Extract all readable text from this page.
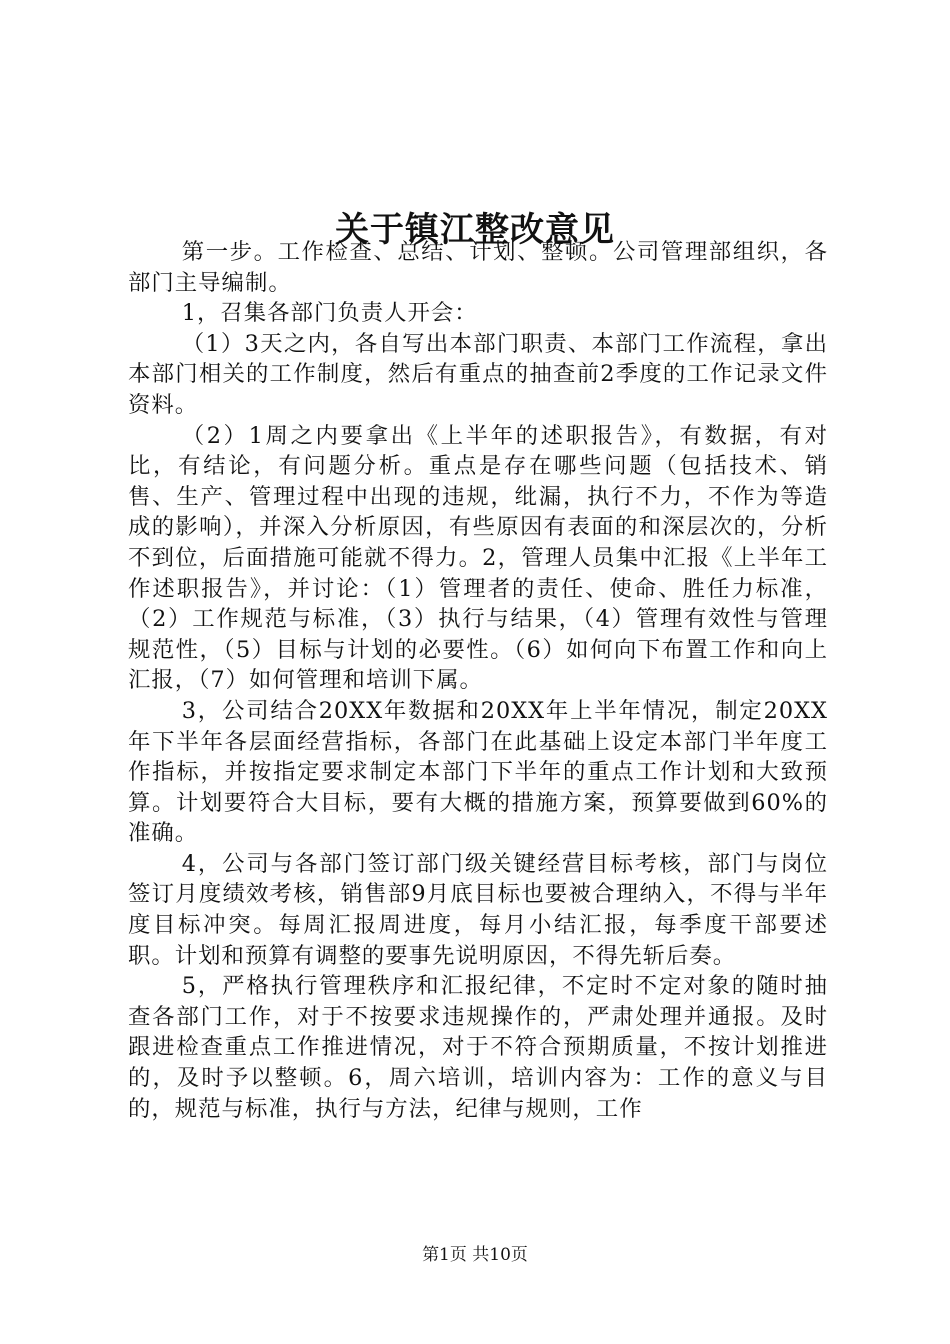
关于镇江整改意见

第一步。工作检查、总结、计划、整顿。公司管理部组织，各部门主导编制。

1，召集各部门负责人开会：

（1）3天之内，各自写出本部门职责、本部门工作流程，拿出本部门相关的工作制度，然后有重点的抽查前2季度的工作记录文件资料。

（2）1周之内要拿出《上半年的述职报告》，有数据，有对比，有结论，有问题分析。重点是存在哪些问题（包括技术、销售、生产、管理过程中出现的违规，纰漏，执行不力，不作为等造成的影响），并深入分析原因，有些原因有表面的和深层次的，分析不到位，后面措施可能就不得力。2，管理人员集中汇报《上半年工作述职报告》，并讨论：（1）管理者的责任、使命、胜任力标准，（2）工作规范与标准，（3）执行与结果，（4）管理有效性与管理规范性，（5）目标与计划的必要性。（6）如何向下布置工作和向上汇报，（7）如何管理和培训下属。

3，公司结合20XX年数据和20XX年上半年情况，制定20XX年下半年各层面经营指标，各部门在此基础上设定本部门半年度工作指标，并按指定要求制定本部门下半年的重点工作计划和大致预算。计划要符合大目标，要有大概的措施方案，预算要做到60%的准确。

4，公司与各部门签订部门级关键经营目标考核，部门与岗位签订月度绩效考核，销售部9月底目标也要被合理纳入，不得与半年度目标冲突。每周汇报周进度，每月小结汇报，每季度干部要述职。计划和预算有调整的要事先说明原因，不得先斩后奏。

5，严格执行管理秩序和汇报纪律，不定时不定对象的随时抽查各部门工作，对于不按要求违规操作的，严肃处理并通报。及时跟进检查重点工作推进情况，对于不符合预期质量，不按计划推进的，及时予以整顿。6，周六培训，培训内容为：工作的意义与目的，规范与标准，执行与方法，纪律与规则，工作

第1页 共10页
